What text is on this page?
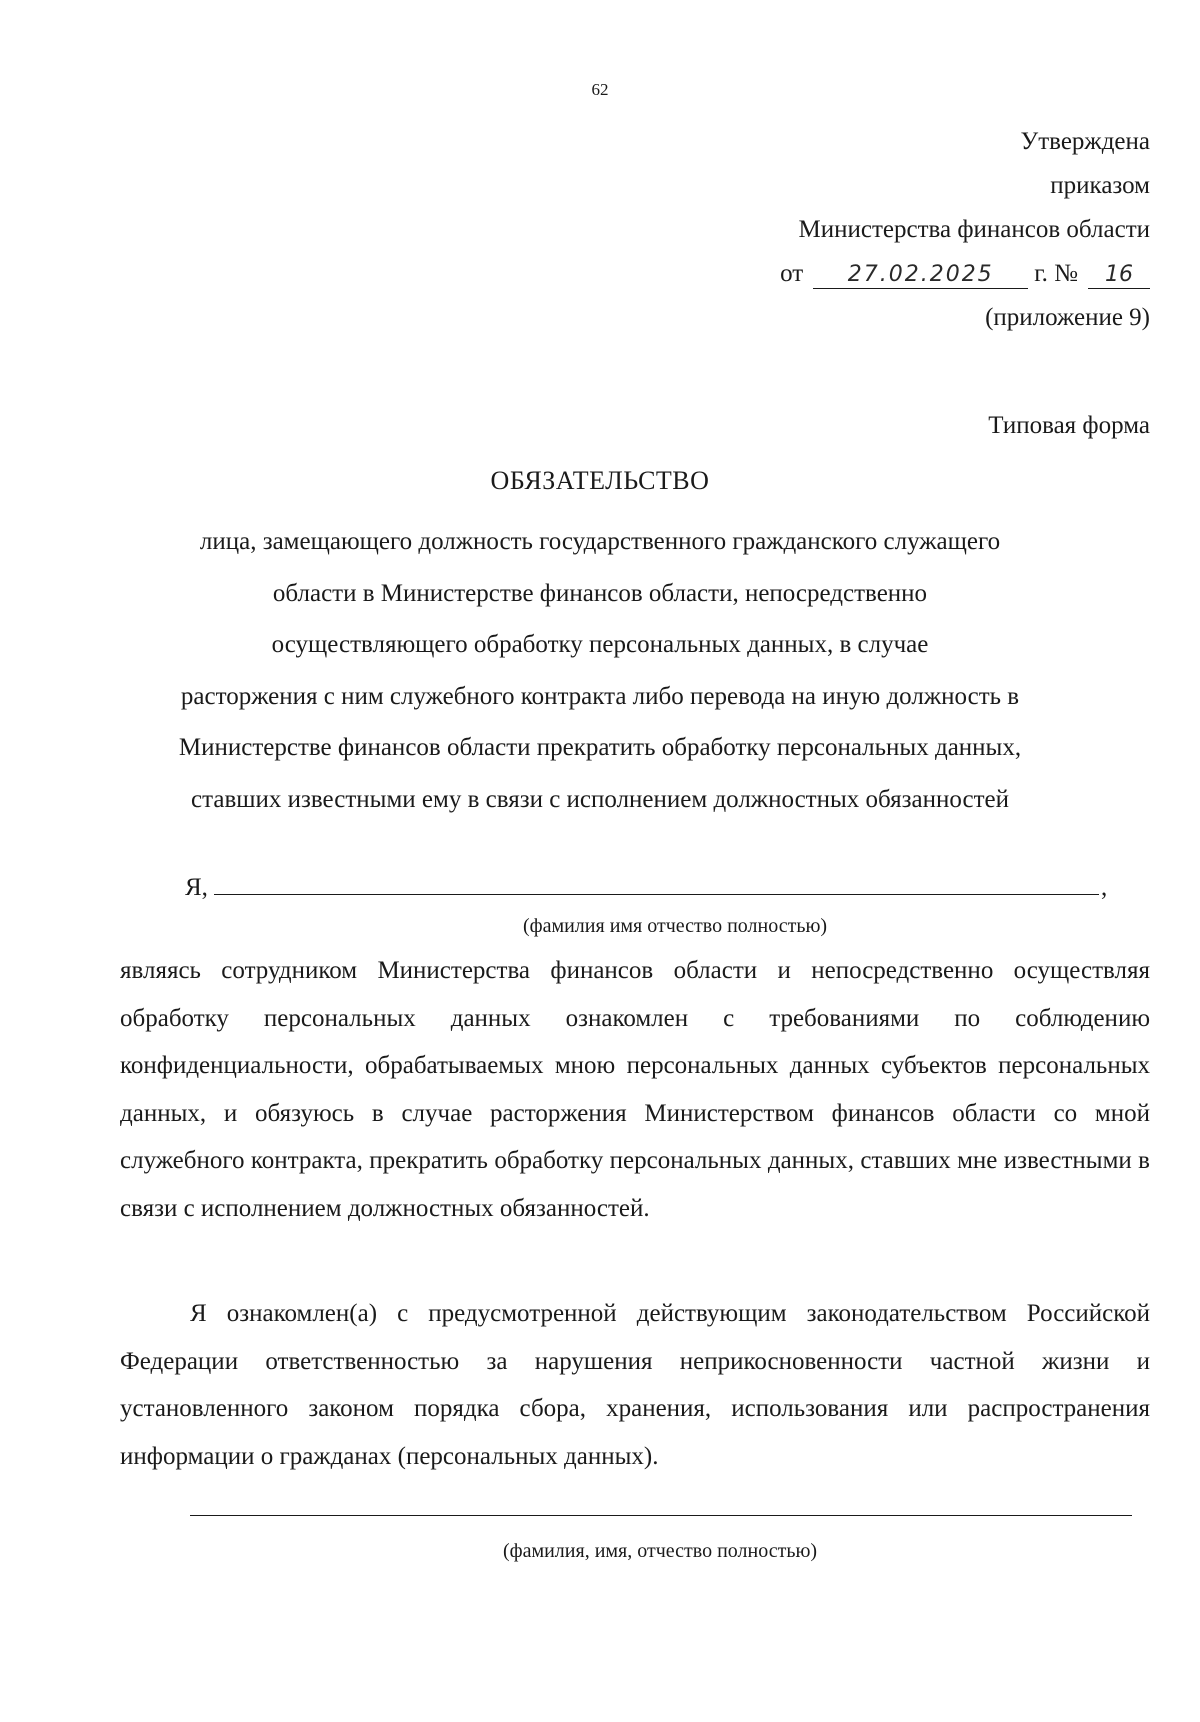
62
Утверждена
приказом
Министерства финансов области
от 27.02.2025 г. № 16
(приложение 9)
Типовая форма
ОБЯЗАТЕЛЬСТВО
лица, замещающего должность государственного гражданского служащего
области в Министерстве финансов области, непосредственно
осуществляющего обработку персональных данных, в случае
расторжения с ним служебного контракта либо перевода на иную должность в
Министерстве финансов области прекратить обработку персональных данных,
ставших известными ему в связи с исполнением должностных обязанностей
Я,	,
(фамилия имя отчество полностью)
являясь сотрудником Министерства финансов области и непосредственно осуществляя обработку персональных данных ознакомлен с требованиями по соблюдению конфиденциальности, обрабатываемых мною персональных данных субъектов персональных данных, и обязуюсь в случае расторжения Министерством финансов области со мной служебного контракта, прекратить обработку персональных данных, ставших мне известными в связи с исполнением должностных обязанностей.
Я ознакомлен(а) с предусмотренной действующим законодательством Российской Федерации ответственностью за нарушения неприкосновенности частной жизни и установленного законом порядка сбора, хранения, использования или распространения информации о гражданах (персональных данных).
(фамилия, имя, отчество полностью)
